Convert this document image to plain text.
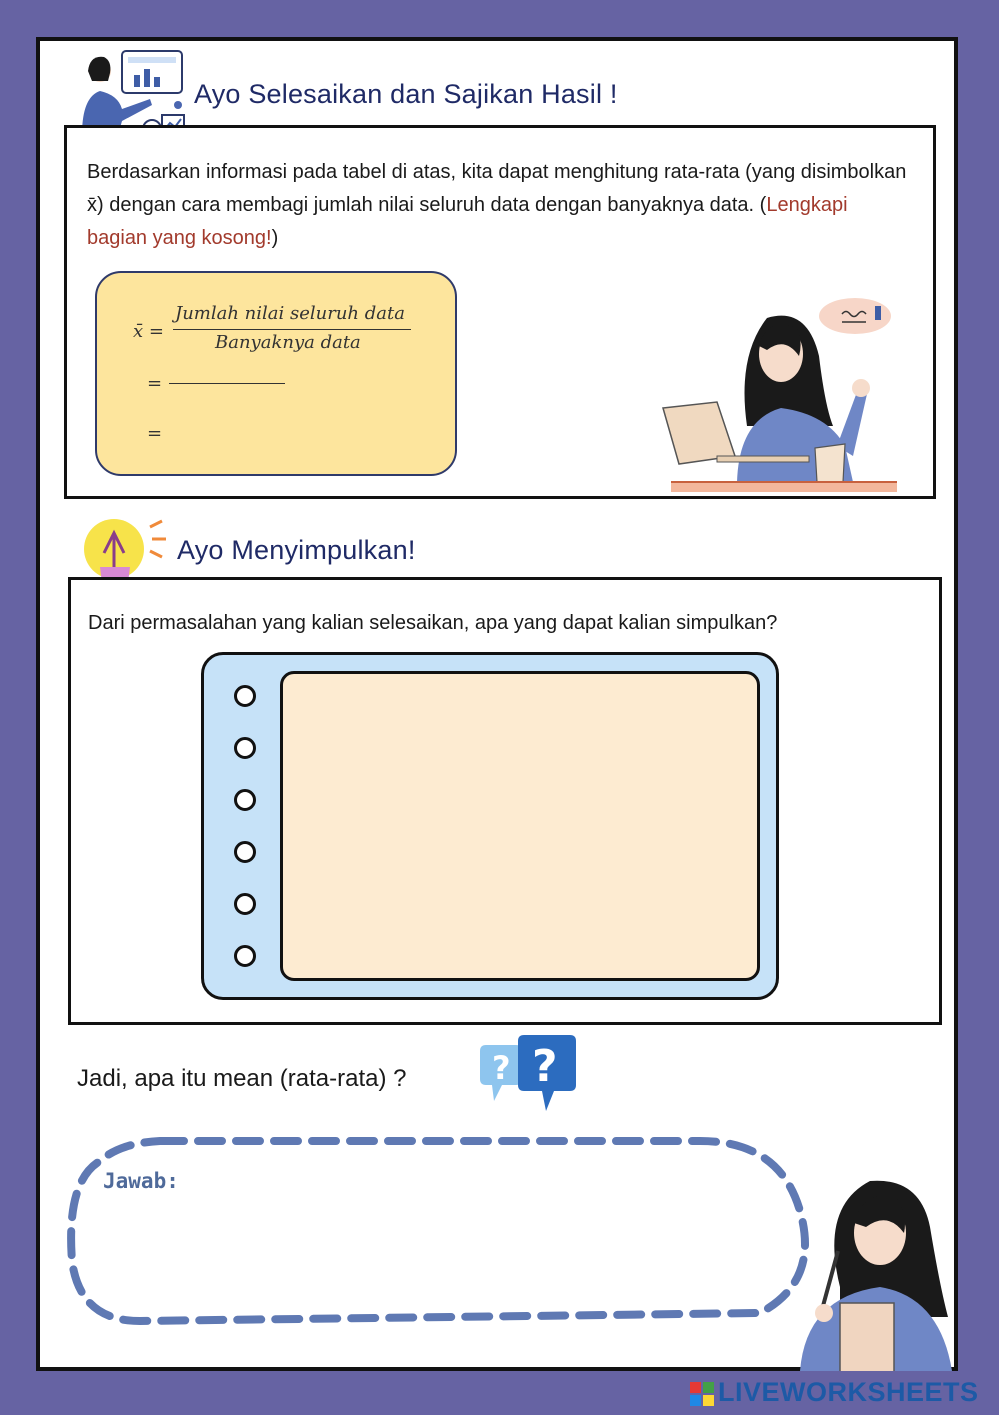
Ayo Selesaikan dan Sajikan Hasil !
Berdasarkan informasi pada tabel di atas, kita dapat menghitung rata-rata (yang disimbolkan x̄) dengan cara membagi jumlah nilai seluruh data dengan banyaknya data. (Lengkapi bagian yang kosong!)
x̄ =
Jumlah nilai seluruh data
Banyaknya data
=
=
Ayo Menyimpulkan!
Dari permasalahan yang kalian selesaikan, apa yang dapat kalian simpulkan?
Jadi, apa itu mean (rata-rata) ?	? ?
Jawab:
LIVEWORKSHEETS
